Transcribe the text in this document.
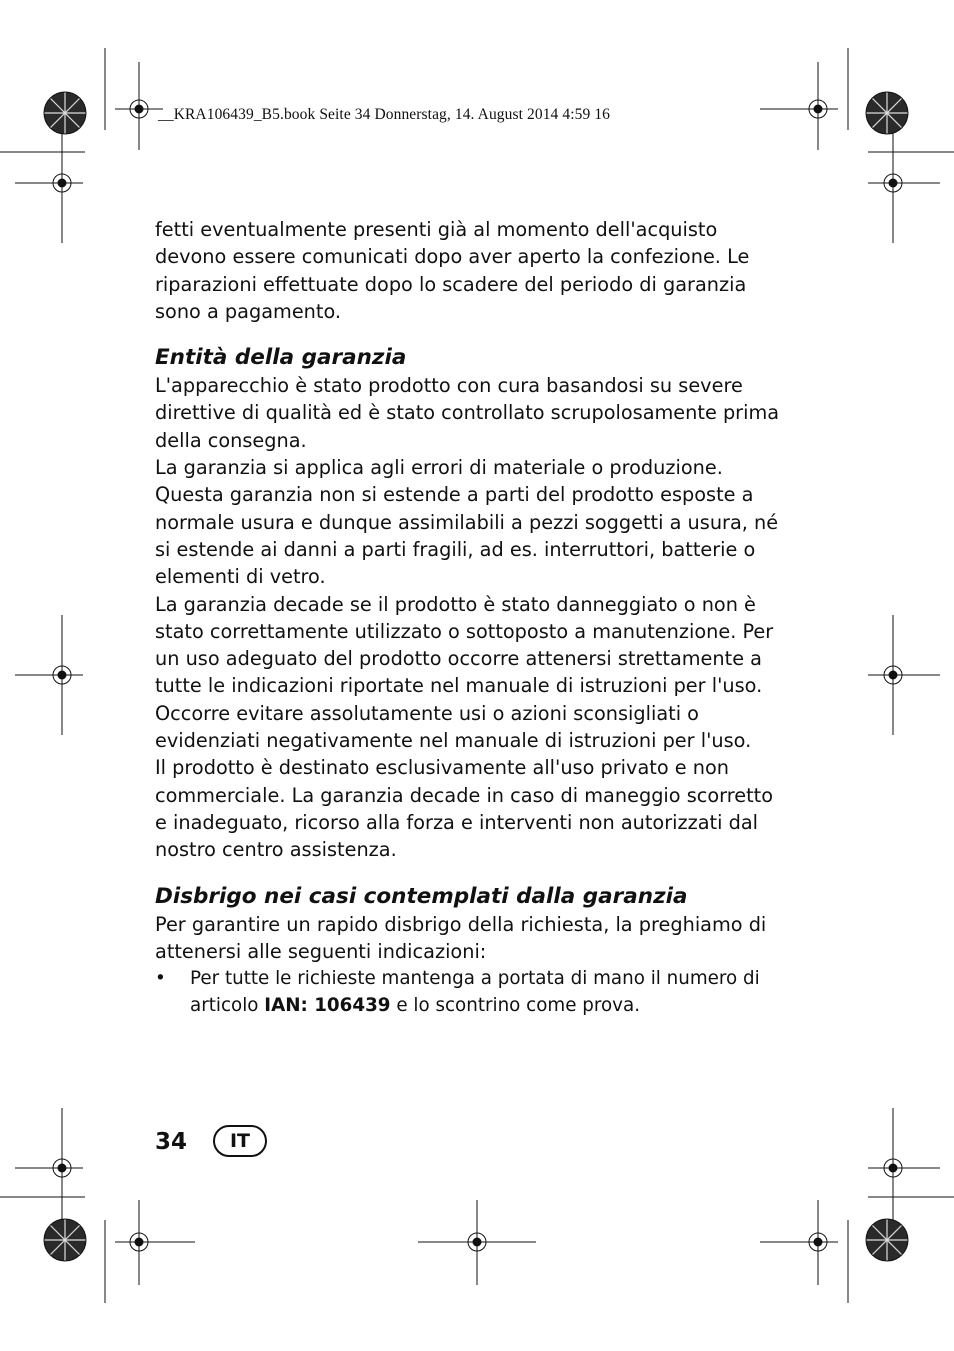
__KRA106439_B5.book Seite 34 Donnerstag, 14. August 2014 4:59 16

fetti eventualmente presenti già al momento dell'acquisto devono essere comunicati dopo aver aperto la confezione. Le riparazioni effettuate dopo lo scadere del periodo di garanzia sono a pagamento.

Entità della garanzia

L'apparecchio è stato prodotto con cura basandosi su severe direttive di qualità ed è stato controllato scrupolosamente prima della consegna.

La garanzia si applica agli errori di materiale o produzione.

Questa garanzia non si estende a parti del prodotto esposte a normale usura e dunque assimilabili a pezzi soggetti a usura, né si estende ai danni a parti fragili, ad es. interruttori, batterie o elementi di vetro.

La garanzia decade se il prodotto è stato danneggiato o non è stato correttamente utilizzato o sottoposto a manutenzione. Per un uso adeguato del prodotto occorre attenersi strettamente a tutte le indicazioni riportate nel manuale di istruzioni per l'uso. Occorre evitare assolutamente usi o azioni sconsigliati o evidenziati negativamente nel manuale di istruzioni per l'uso.

Il prodotto è destinato esclusivamente all'uso privato e non commerciale. La garanzia decade in caso di maneggio scorretto e inadeguato, ricorso alla forza e interventi non autorizzati dal nostro centro assistenza.

Disbrigo nei casi contemplati dalla garanzia

Per garantire un rapido disbrigo della richiesta, la preghiamo di attenersi alle seguenti indicazioni:

• Per tutte le richieste mantenga a portata di mano il numero di articolo IAN: 106439 e lo scontrino come prova.

34	IT
